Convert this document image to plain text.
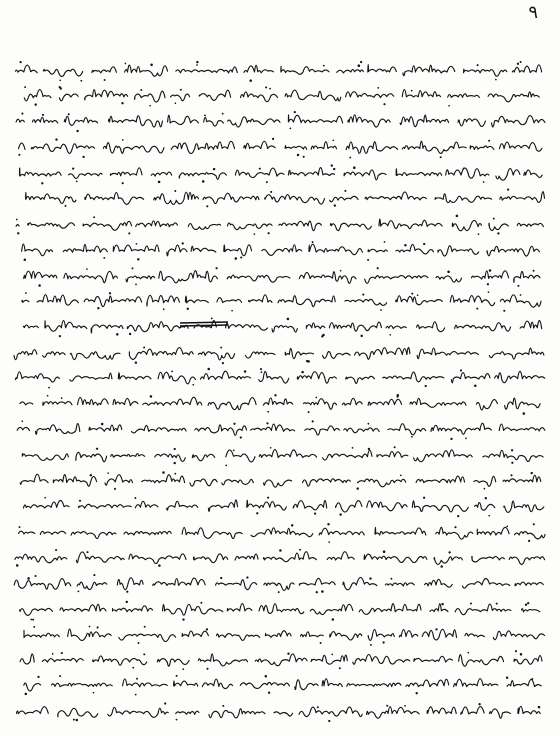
۹
